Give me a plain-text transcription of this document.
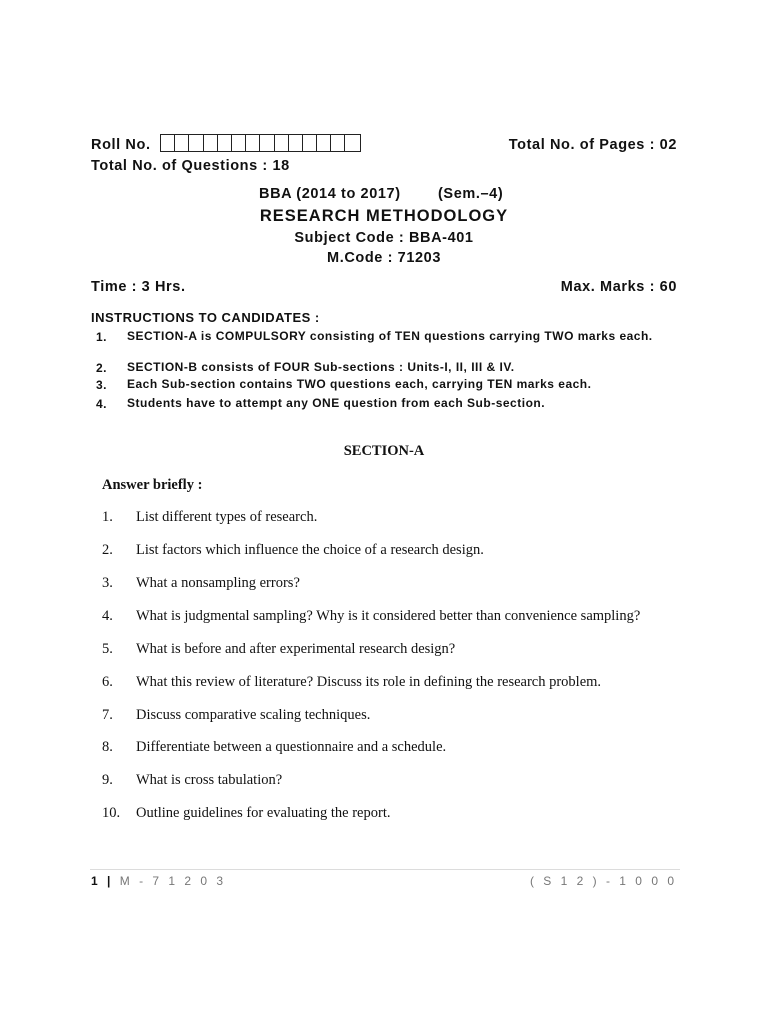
Roll No.	Total No. of Pages : 02
Total No. of Questions : 18
BBA (2014 to 2017)	(Sem.–4)
RESEARCH METHODOLOGY
Subject Code : BBA-401
M.Code : 71203
Time : 3 Hrs.	Max. Marks : 60
INSTRUCTIONS TO CANDIDATES :
1. SECTION-A is COMPULSORY consisting of TEN questions carrying TWO marks each.
2. SECTION-B consists of FOUR Sub-sections : Units-I, II, III & IV.
3. Each Sub-section contains TWO questions each, carrying TEN marks each.
4. Students have to attempt any ONE question from each Sub-section.
SECTION-A
Answer briefly :
1. List different types of research.
2. List factors which influence the choice of a research design.
3. What a nonsampling errors?
4. What is judgmental sampling? Why is it considered better than convenience sampling?
5. What is before and after experimental research design?
6. What this review of literature? Discuss its role in defining the research problem.
7. Discuss comparative scaling techniques.
8. Differentiate between a questionnaire and a schedule.
9. What is cross tabulation?
10. Outline guidelines for evaluating the report.
1 | M - 7 1 2 0 3	( S 1 2 ) - 1 0 0 0
